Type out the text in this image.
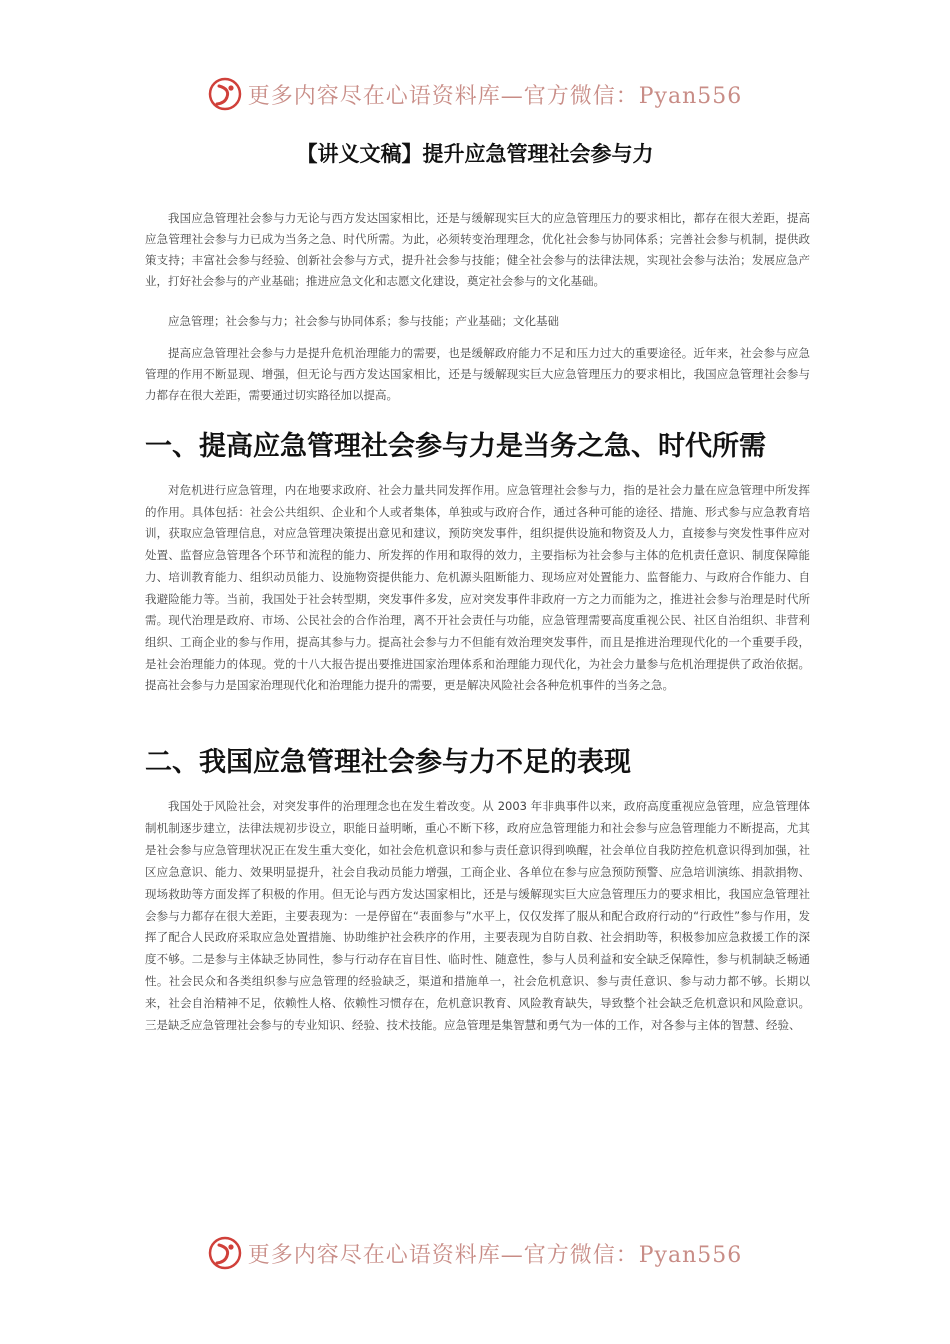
更多内容尽在心语资料库—官方微信：Pyan556
【讲义文稿】提升应急管理社会参与力

我国应急管理社会参与力无论与西方发达国家相比，还是与缓解现实巨大的应急管理压力的要求相比，都存在很大差距，提高应急管理社会参与力已成为当务之急、时代所需。为此，必须转变治理理念，优化社会参与协同体系；完善社会参与机制，提供政策支持；丰富社会参与经验、创新社会参与方式，提升社会参与技能；健全社会参与的法律法规，实现社会参与法治；发展应急产业，打好社会参与的产业基础；推进应急文化和志愿文化建设，奠定社会参与的文化基础。

应急管理；社会参与力；社会参与协同体系；参与技能；产业基础；文化基础

提高应急管理社会参与力是提升危机治理能力的需要，也是缓解政府能力不足和压力过大的重要途径。近年来，社会参与应急管理的作用不断显现、增强，但无论与西方发达国家相比，还是与缓解现实巨大应急管理压力的要求相比，我国应急管理社会参与力都存在很大差距，需要通过切实路径加以提高。

一、提高应急管理社会参与力是当务之急、时代所需

对危机进行应急管理，内在地要求政府、社会力量共同发挥作用。应急管理社会参与力，指的是社会力量在应急管理中所发挥的作用。具体包括：社会公共组织、企业和个人或者集体，单独或与政府合作，通过各种可能的途径、措施、形式参与应急教育培训，获取应急管理信息，对应急管理决策提出意见和建议，预防突发事件，组织提供设施和物资及人力，直接参与突发性事件应对处置、监督应急管理各个环节和流程的能力、所发挥的作用和取得的效力，主要指标为社会参与主体的危机责任意识、制度保障能力、培训教育能力、组织动员能力、设施物资提供能力、危机源头阻断能力、现场应对处置能力、监督能力、与政府合作能力、自我避险能力等。当前，我国处于社会转型期，突发事件多发，应对突发事件非政府一方之力而能为之，推进社会参与治理是时代所需。现代治理是政府、市场、公民社会的合作治理，离不开社会责任与功能，应急管理需要高度重视公民、社区自治组织、非营利组织、工商企业的参与作用，提高其参与力。提高社会参与力不但能有效治理突发事件，而且是推进治理现代化的一个重要手段，是社会治理能力的体现。党的十八大报告提出要推进国家治理体系和治理能力现代化，为社会力量参与危机治理提供了政治依据。提高社会参与力是国家治理现代化和治理能力提升的需要，更是解决风险社会各种危机事件的当务之急。

二、我国应急管理社会参与力不足的表现

我国处于风险社会，对突发事件的治理理念也在发生着改变。从 2003 年非典事件以来，政府高度重视应急管理，应急管理体制机制逐步建立，法律法规初步设立，职能日益明晰，重心不断下移，政府应急管理能力和社会参与应急管理能力不断提高，尤其是社会参与应急管理状况正在发生重大变化，如社会危机意识和参与责任意识得到唤醒，社会单位自我防控危机意识得到加强，社区应急意识、能力、效果明显提升，社会自我动员能力增强，工商企业、各单位在参与应急预防预警、应急培训演练、捐款捐物、现场救助等方面发挥了积极的作用。但无论与西方发达国家相比，还是与缓解现实巨大应急管理压力的要求相比，我国应急管理社会参与力都存在很大差距，主要表现为：一是停留在“表面参与”水平上，仅仅发挥了服从和配合政府行动的“行政性”参与作用，发挥了配合人民政府采取应急处置措施、协助维护社会秩序的作用，主要表现为自防自救、社会捐助等，积极参加应急救援工作的深度不够。二是参与主体缺乏协同性，参与行动存在盲目性、临时性、随意性，参与人员利益和安全缺乏保障性，参与机制缺乏畅通性。社会民众和各类组织参与应急管理的经验缺乏，渠道和措施单一，社会危机意识、参与责任意识、参与动力都不够。长期以来，社会自治精神不足，依赖性人格、依赖性习惯存在，危机意识教育、风险教育缺失，导致整个社会缺乏危机意识和风险意识。三是缺乏应急管理社会参与的专业知识、经验、技术技能。应急管理是集智慧和勇气为一体的工作，对各参与主体的智慧、经验、

更多内容尽在心语资料库—官方微信：Pyan556
